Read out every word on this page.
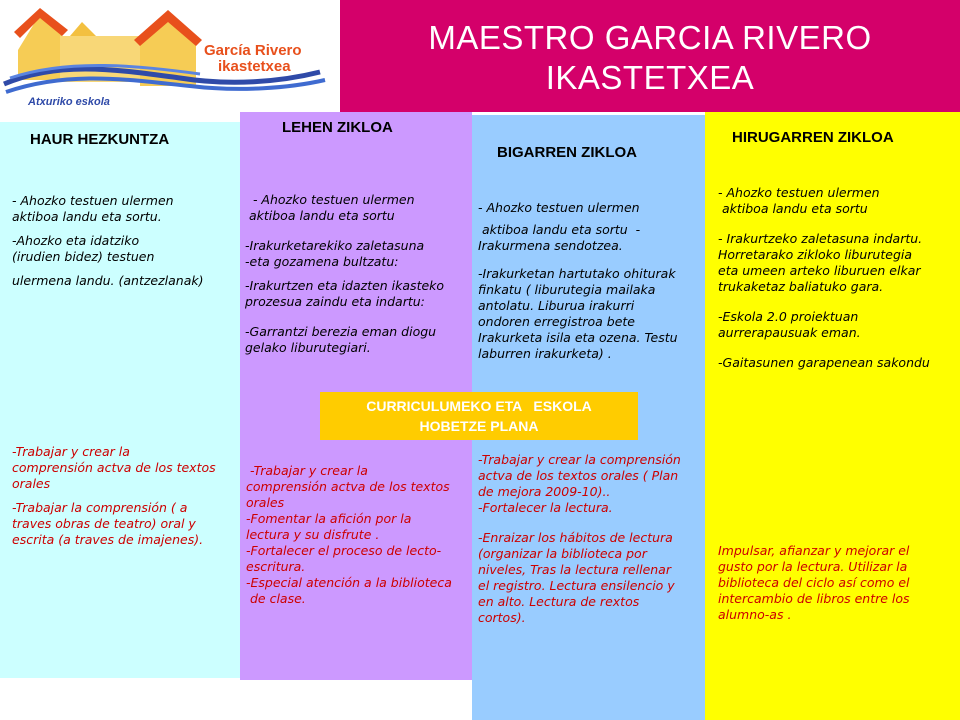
García Rivero
ikastetxea
Atxuriko eskola
MAESTRO GARCIA RIVERO
IKASTETXEA
HAUR HEZKUNTZA
LEHEN ZIKLOA
BIGARREN ZIKLOA
HIRUGARREN ZIKLOA
- Ahozko testuen ulermen
aktiboa landu eta sortu.
-Ahozko eta idatziko
(irudien bidez) testuen
ulermena landu. (antzezlanak)
-Trabajar y crear la
comprensión actva de los textos
orales
-Trabajar la comprensión ( a
traves obras de teatro) oral y
escrita (a traves de imajenes).
- Ahozko testuen ulermen
aktiboa landu eta sortu
-Irakurketarekiko zaletasuna
-eta gozamena bultzatu:
-Irakurtzen eta idazten ikasteko
prozesua zaindu eta indartu:
-Garrantzi berezia eman diogu
gelako liburutegiari.
-Trabajar y crear la
comprensión actva de los textos
orales
-Fomentar la afición por la
lectura y su disfrute .
-Fortalecer el proceso de lecto-
escritura.
-Especial atención a la biblioteca
de clase.
- Ahozko testuen ulermen
aktiboa landu eta sortu  -
Irakurmena sendotzea.
-Irakurketan hartutako ohiturak
finkatu ( liburutegia mailaka
antolatu. Liburua irakurri
ondoren erregistroa bete
Irakurketa isila eta ozena. Testu
laburren irakurketa) .
-Trabajar y crear la comprensión
actva de los textos orales ( Plan
de mejora 2009-10)..
-Fortalecer la lectura.
-Enraizar los hábitos de lectura
(organizar la biblioteca por
niveles, Tras la lectura rellenar
el registro. Lectura ensilencio y
en alto. Lectura de rextos
cortos).
- Ahozko testuen ulermen
aktiboa landu eta sortu
- Irakurtzeko zaletasuna indartu.
Horretarako zikloko liburutegia
eta umeen arteko liburuen elkar
trukaketaz baliatuko gara.
-Eskola 2.0 proiektuan
aurrerapausuak eman.
-Gaitasunen garapenean sakondu
Impulsar, afianzar y mejorar el
gusto por la lectura. Utilizar la
biblioteca del ciclo así como el
intercambio de libros entre los
alumno-as .
CURRICULUMEKO ETA   ESKOLA
HOBETZE PLANA
